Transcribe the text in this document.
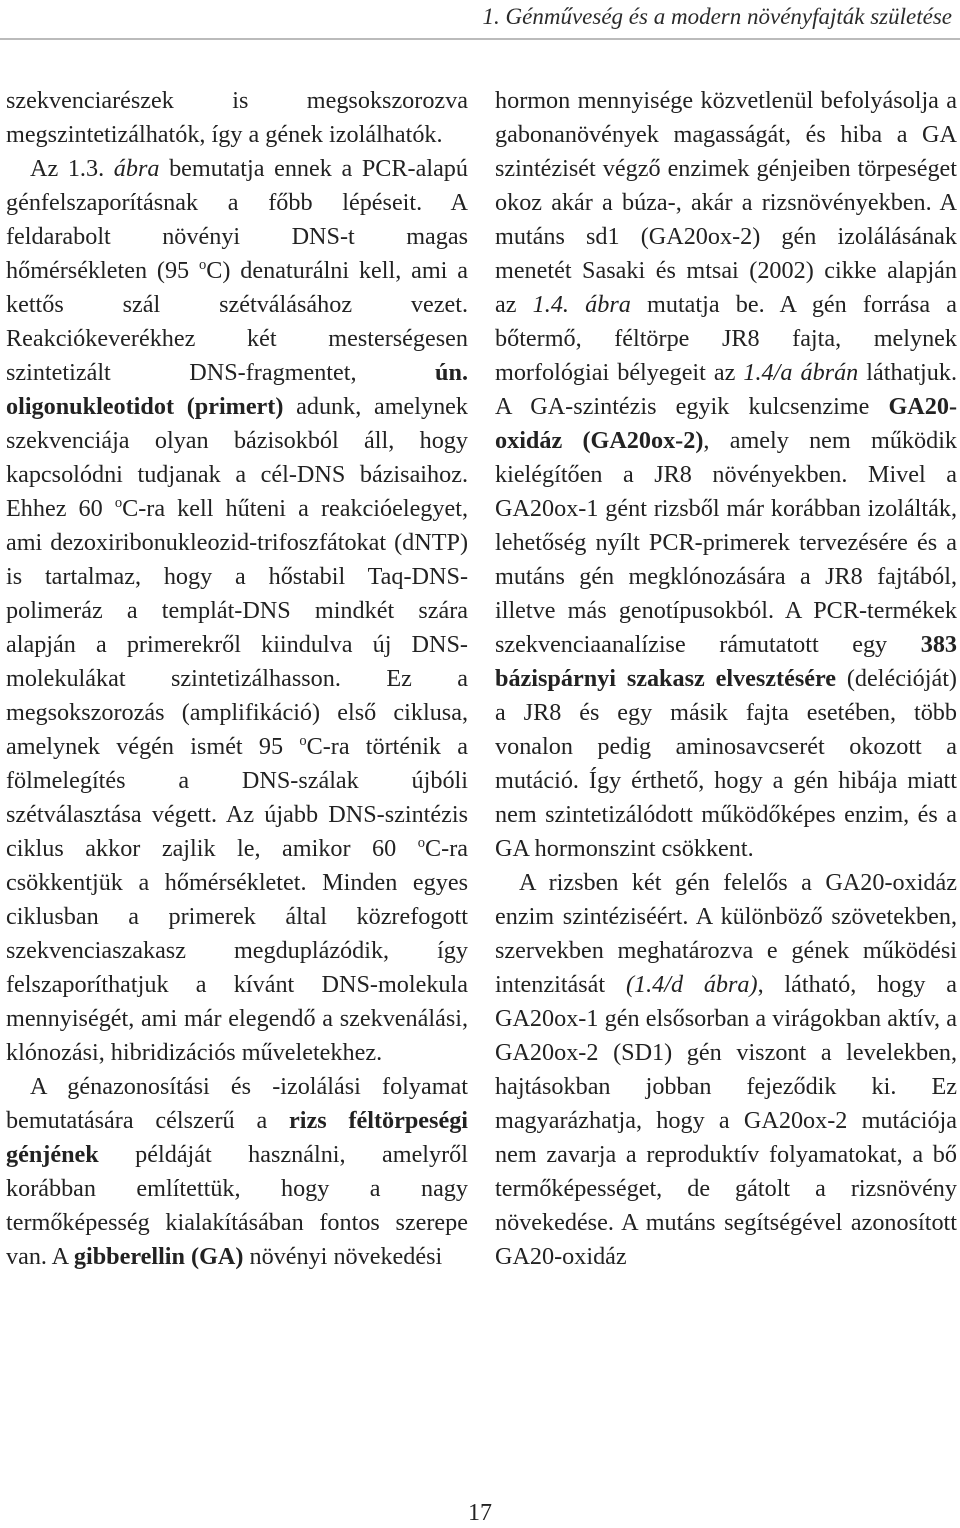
1. Génműveség és a modern növényfajták születése

szekvenciarészek is megsokszorozva megszintetizálhatók, így a gének izolálhatók.

Az 1.3. ábra bemutatja ennek a PCR-alapú génfelszaporításnak a főbb lépéseit. A feldarabolt növényi DNS-t magas hőmérsékleten (95 $^o$C) denaturálni kell, ami a kettős szál szétválásához vezet. Reakciókeverékhez két mesterségesen szintetizált DNS-fragmentet, ún. oligonukleotidot (primert) adunk, amelynek szekvenciája olyan bázisokból áll, hogy kapcsolódni tudjanak a cél-DNS bázisaihoz. Ehhez 60 $^o$C-ra kell hűteni a reakcióelegyet, ami dezoxiribonukleozid-trifoszfátokat (dNTP) is tartalmaz, hogy a hőstabil Taq-DNS-polimeráz a templát-DNS mindkét szára alapján a primerekről kiindulva új DNS-molekulákat szintetizálhasson. Ez a megsokszorozás (amplifikáció) első ciklusa, amelynek végén ismét 95 $^o$C-ra történik a fölmelegítés a DNS-szálak újbóli szétválasztása végett. Az újabb DNS-szintézis ciklus akkor zajlik le, amikor 60 $^o$C-ra csökkentjük a hőmérsékletet. Minden egyes ciklusban a primerek által közrefogott szekvenciaszakasz megduplázódik, így felszaporíthatjuk a kívánt DNS-molekula mennyiségét, ami már elegendő a szekvenálási, klónozási, hibridizációs műveletekhez.

A génazonosítási és -izolálási folyamat bemutatására célszerű a rizs féltörpeségi génjének példáját használni, amelyről korábban említettük, hogy a nagy termőképesség kialakításában fontos szerepe van. A gibberellin (GA) növényi növekedési

hormon mennyisége közvetlenül befolyásolja a gabonanövények magasságát, és hiba a GA szintézisét végző enzimek génjeiben törpeséget okoz akár a búza-, akár a rizsnövényekben. A mutáns sd1 (GA20ox-2) gén izolálásának menetét Sasaki és mtsai (2002) cikke alapján az 1.4. ábra mutatja be. A gén forrása a bőtermő, féltörpe JR8 fajta, melynek morfológiai bélyegeit az 1.4/a ábrán láthatjuk. A GA-szintézis egyik kulcsenzime GA20-oxidáz (GA20ox-2), amely nem működik kielégítően a JR8 növényekben. Mivel a GA20ox-1 gént rizsből már korábban izolálták, lehetőség nyílt PCR-primerek tervezésére és a mutáns gén megklónozására a JR8 fajtából, illetve más genotípusokból. A PCR-termékek szekvenciaanalízise rámutatott egy 383 bázispárnyi szakasz elvesztésére (delécióját) a JR8 és egy másik fajta esetében, több vonalon pedig aminosavcserét okozott a mutáció. Így érthető, hogy a gén hibája miatt nem szintetizálódott működőképes enzim, és a GA hormonszint csökkent.

A rizsben két gén felelős a GA20-oxidáz enzim szintéziséért. A különböző szövetekben, szervekben meghatározva e gének működési intenzitását (1.4/d ábra), látható, hogy a GA20ox-1 gén elsősorban a virágokban aktív, a GA20ox-2 (SD1) gén viszont a levelekben, hajtásokban jobban fejeződik ki. Ez magyarázhatja, hogy a GA20ox-2 mutációja nem zavarja a reproduktív folyamatokat, a bő termőképességet, de gátolt a rizsnövény növekedése. A mutáns segítségével azonosított GA20-oxidáz

17
